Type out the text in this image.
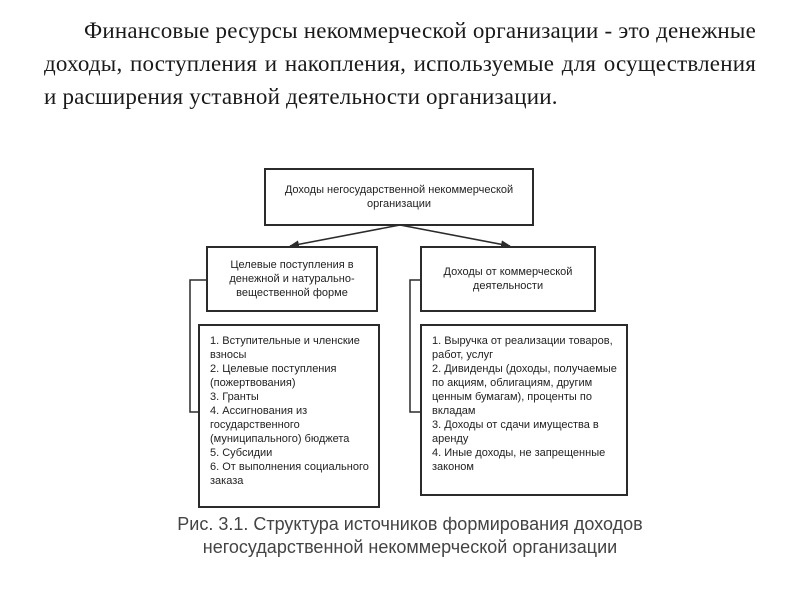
Финансовые ресурсы некоммерческой организации - это денежные доходы, поступления и накопления, используемые для осуществления и расширения уставной деятельности организации.

Доходы негосударственной некоммерческой организации
Целевые поступления в денежной и натурально-вещественной форме
Доходы от коммерческой деятельности
1. Вступительные и членские взносы
2. Целевые поступления (пожертвования)
3. Гранты
4. Ассигнования из государственного (муниципального) бюджета
5. Субсидии
6. От выполнения социального заказа
1. Выручка от реализации товаров, работ, услуг
2. Дивиденды (доходы, получаемые по акциям, облигациям, другим ценным бумагам), проценты по вкладам
3. Доходы от сдачи имущества в аренду
4. Иные доходы, не запрещенные законом
Рис. 3.1. Структура источников формирования доходов негосударственной некоммерческой организации
